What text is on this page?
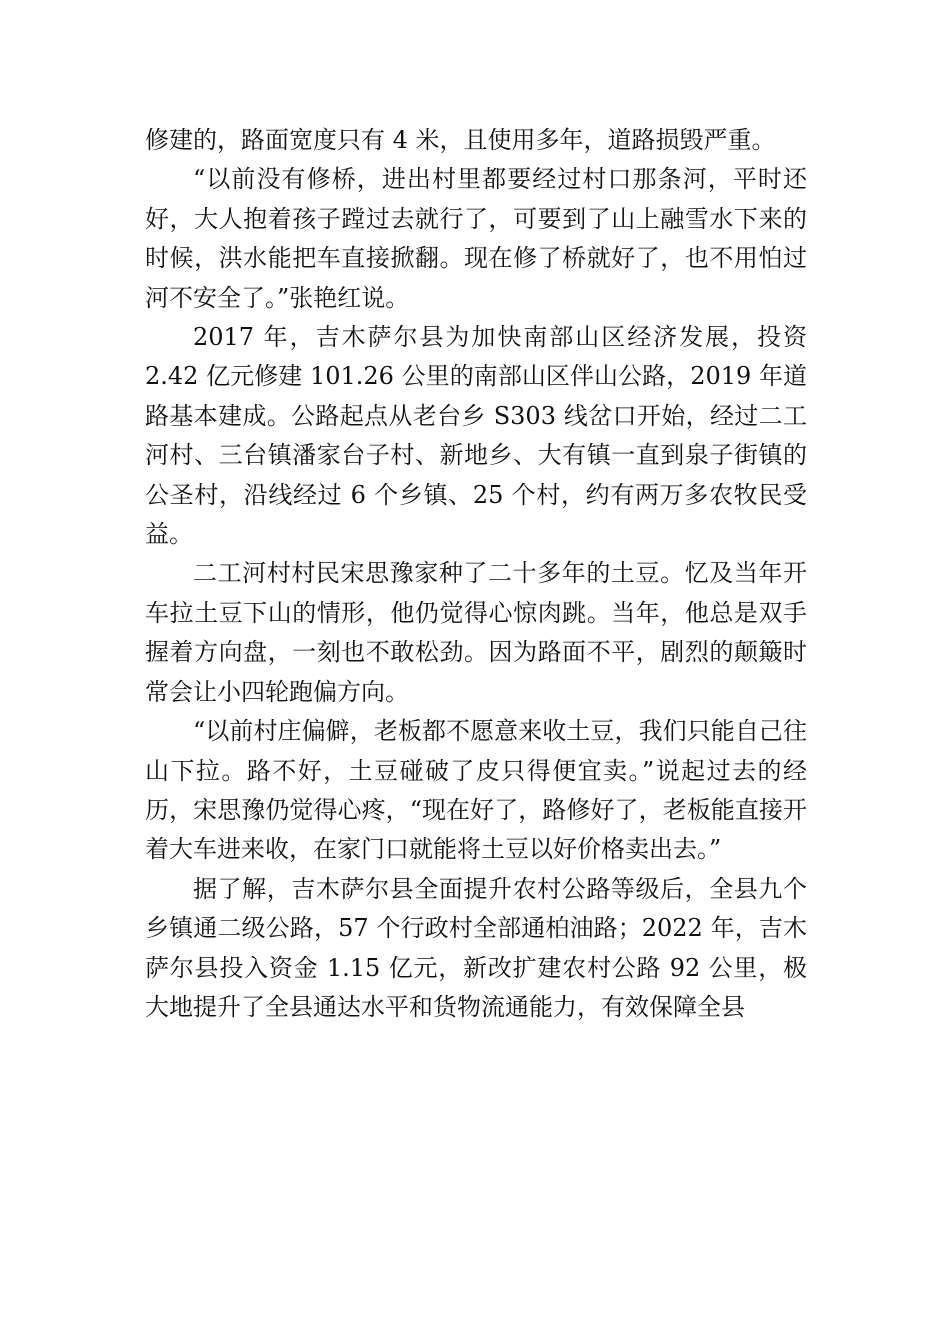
修建的，路面宽度只有 4 米，且使用多年，道路损毁严重。

“以前没有修桥，进出村里都要经过村口那条河，平时还好，大人抱着孩子蹚过去就行了，可要到了山上融雪水下来的时候，洪水能把车直接掀翻。现在修了桥就好了，也不用怕过河不安全了。”张艳红说。

2017 年，吉木萨尔县为加快南部山区经济发展，投资 2.42 亿元修建 101.26 公里的南部山区伴山公路，2019 年道路基本建成。公路起点从老台乡 S303 线岔口开始，经过二工河村、三台镇潘家台子村、新地乡、大有镇一直到泉子街镇的公圣村，沿线经过 6 个乡镇、25 个村，约有两万多农牧民受益。

二工河村村民宋思豫家种了二十多年的土豆。忆及当年开车拉土豆下山的情形，他仍觉得心惊肉跳。当年，他总是双手握着方向盘，一刻也不敢松劲。因为路面不平，剧烈的颠簸时常会让小四轮跑偏方向。

“以前村庄偏僻，老板都不愿意来收土豆，我们只能自己往山下拉。路不好，土豆碰破了皮只得便宜卖。”说起过去的经历，宋思豫仍觉得心疼，“现在好了，路修好了，老板能直接开着大车进来收，在家门口就能将土豆以好价格卖出去。”

据了解，吉木萨尔县全面提升农村公路等级后，全县九个乡镇通二级公路，57 个行政村全部通柏油路；2022 年，吉木萨尔县投入资金 1.15 亿元，新改扩建农村公路 92 公里，极大地提升了全县通达水平和货物流通能力，有效保障全县
